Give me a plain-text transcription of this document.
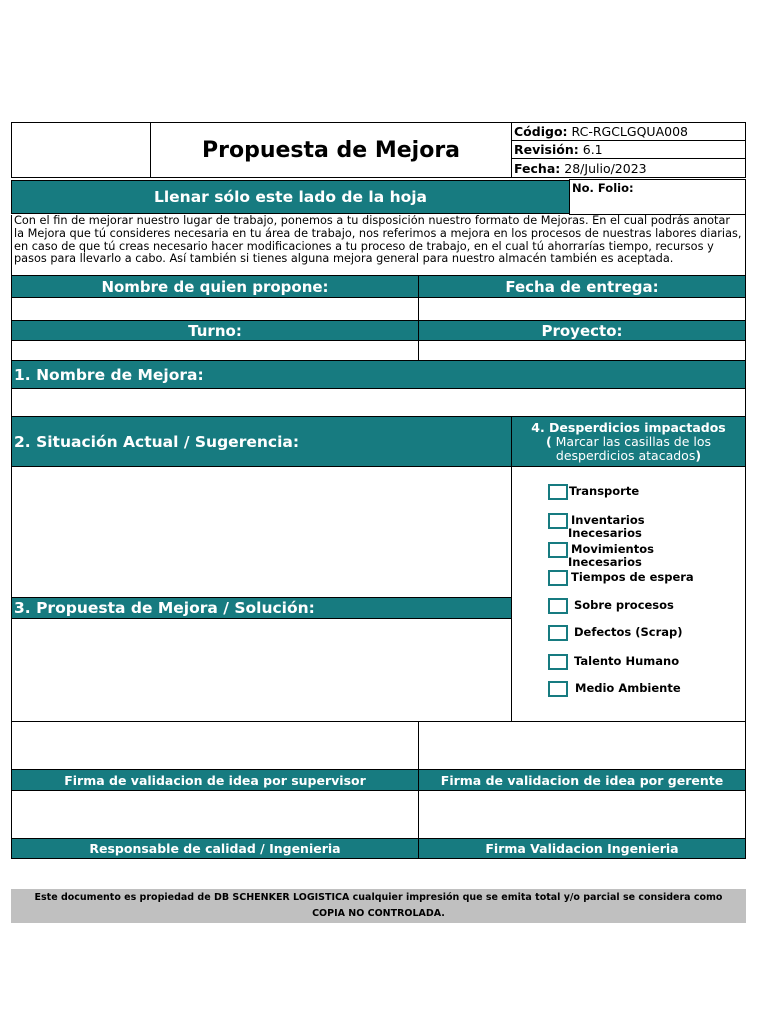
Propuesta de Mejora
Código: RC-RGCLGQUA008
Revisión: 6.1
Fecha: 28/Julio/2023
Llenar sólo este lado de la hoja	No. Folio:
Con el fin de mejorar nuestro lugar de trabajo, ponemos a tu disposición nuestro formato de Mejoras. En el cual podrás anotar la Mejora que tú consideres necesaria en tu área de trabajo, nos referimos a mejora en los procesos de nuestras labores diarias, en caso de que tú creas necesario hacer modificaciones a tu proceso de trabajo, en el cual tú ahorrarías tiempo, recursos y pasos para llevarlo a cabo. Así también si tienes alguna mejora general para nuestro almacén también es aceptada.
Nombre de quien propone:	Fecha de entrega:
Turno:	Proyecto:
1. Nombre de Mejora:
2. Situación Actual / Sugerencia:
4. Desperdicios impactados
( Marcar las casillas de los desperdicios atacados)
3. Propuesta de Mejora / Solución:
Transporte
Inventarios
Inecesarios
Movimientos
Inecesarios
Tiempos de espera
Sobre procesos
Defectos (Scrap)
Talento Humano
Medio Ambiente
Firma de validacion de idea por supervisor	Firma de validacion de idea por gerente
Responsable de calidad / Ingenieria	Firma Validacion Ingenieria
Este documento es propiedad de DB SCHENKER LOGISTICA cualquier impresión que se emita total y/o parcial se considera como
COPIA NO CONTROLADA.
